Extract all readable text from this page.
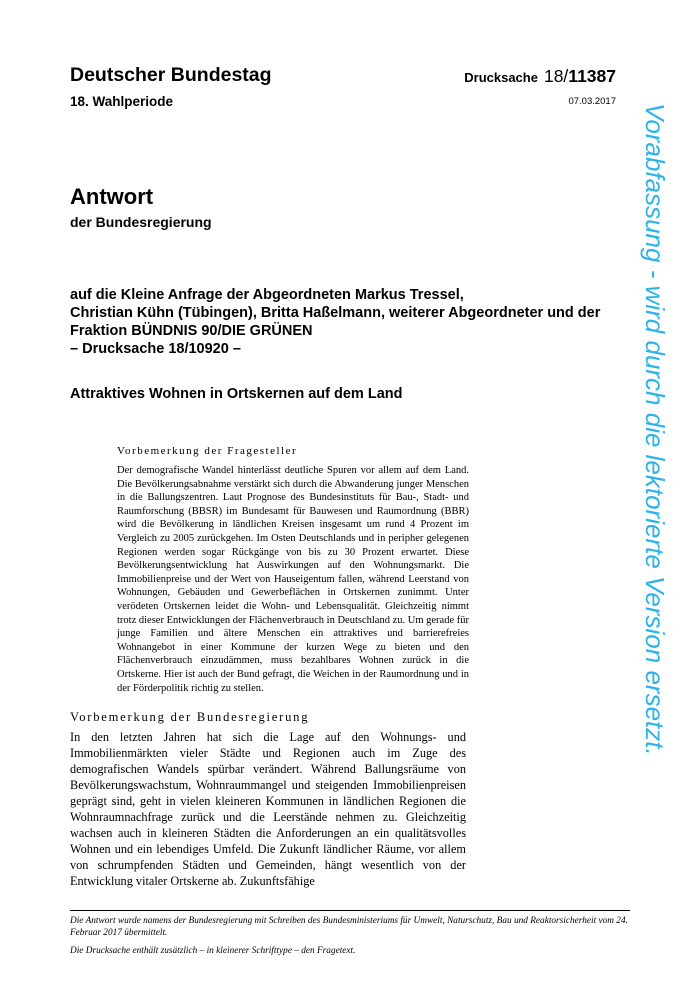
Deutscher Bundestag
18. Wahlperiode
Drucksache 18/11387
07.03.2017
Antwort
der Bundesregierung
auf die Kleine Anfrage der Abgeordneten Markus Tressel,
Christian Kühn (Tübingen), Britta Haßelmann, weiterer Abgeordneter und der
Fraktion BÜNDNIS 90/DIE GRÜNEN
– Drucksache 18/10920 –
Attraktives Wohnen in Ortskernen auf dem Land
Vorbemerkung der Fragesteller
Der demografische Wandel hinterlässt deutliche Spuren vor allem auf dem Land. Die Bevölkerungsabnahme verstärkt sich durch die Abwanderung junger Menschen in die Ballungszentren. Laut Prognose des Bundesinstituts für Bau-, Stadt- und Raumforschung (BBSR) im Bundesamt für Bauwesen und Raumordnung (BBR) wird die Bevölkerung in ländlichen Kreisen insgesamt um rund 4 Prozent im Vergleich zu 2005 zurückgehen. Im Osten Deutschlands und in peripher gelegenen Regionen werden sogar Rückgänge von bis zu 30 Prozent erwartet. Diese Bevölkerungsentwicklung hat Auswirkungen auf den Wohnungsmarkt. Die Immobilienpreise und der Wert von Hauseigentum fallen, während Leerstand von Wohnungen, Gebäuden und Gewerbeflächen in Ortskernen zunimmt. Unter verödeten Ortskernen leidet die Wohn- und Lebensqualität. Gleichzeitig nimmt trotz dieser Entwicklungen der Flächenverbrauch in Deutschland zu. Um gerade für junge Familien und ältere Menschen ein attraktives und barrierefreies Wohnangebot in einer Kommune der kurzen Wege zu bieten und den Flächenverbrauch einzudämmen, muss bezahlbares Wohnen zurück in die Ortskerne. Hier ist auch der Bund gefragt, die Weichen in der Raumordnung und in der Förderpolitik richtig zu stellen.
Vorbemerkung der Bundesregierung
In den letzten Jahren hat sich die Lage auf den Wohnungs- und Immobilienmärkten vieler Städte und Regionen auch im Zuge des demografischen Wandels spürbar verändert. Während Ballungsräume von Bevölkerungswachstum, Wohnraummangel und steigenden Immobilienpreisen geprägt sind, geht in vielen kleineren Kommunen in ländlichen Regionen die Wohnraumnachfrage zurück und die Leerstände nehmen zu. Gleichzeitig wachsen auch in kleineren Städten die Anforderungen an ein qualitätsvolles Wohnen und ein lebendiges Umfeld. Die Zukunft ländlicher Räume, vor allem von schrumpfenden Städten und Gemeinden, hängt wesentlich von der Entwicklung vitaler Ortskerne ab. Zukunftsfähige
Die Antwort wurde namens der Bundesregierung mit Schreiben des Bundesministeriums für Umwelt, Naturschutz, Bau und Reaktorsicherheit vom 24. Februar 2017 übermittelt.
Die Drucksache enthält zusätzlich – in kleinerer Schrifttype – den Fragetext.
Vorabfassung - wird durch die lektorierte Version ersetzt.
